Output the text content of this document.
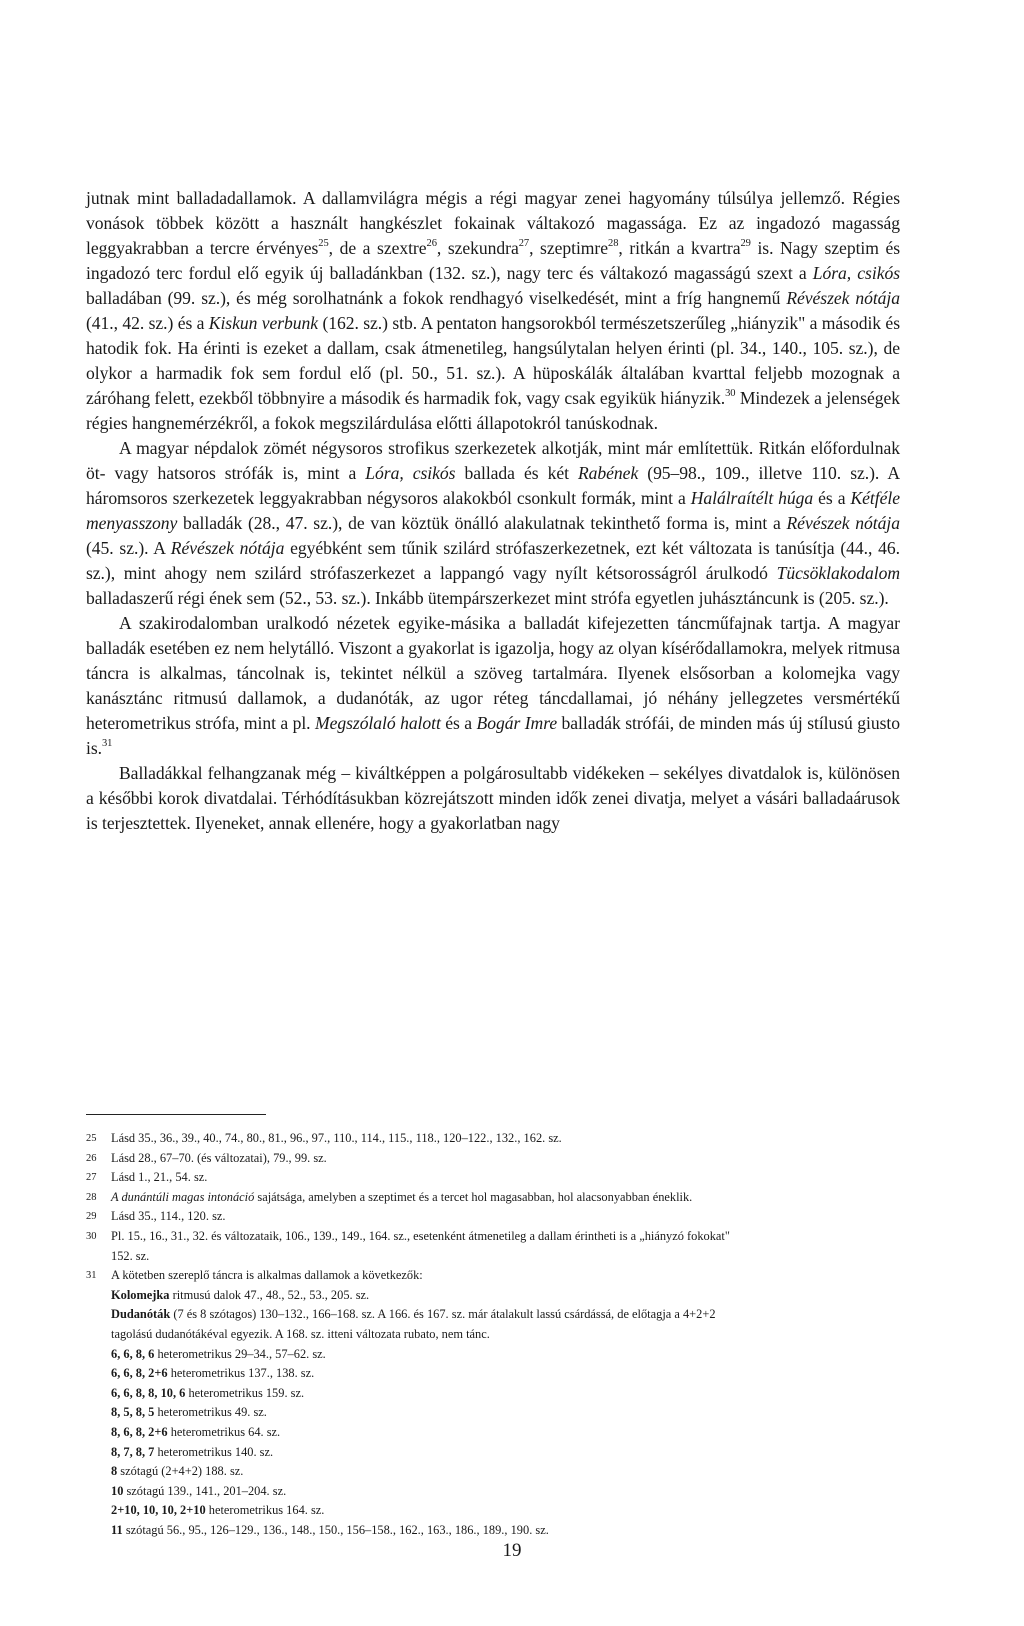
jutnak mint balladadallamok. A dallamvilágra mégis a régi magyar zenei hagyomány túlsúlya jellemző. Régies vonások többek között a használt hangkészlet fokainak váltakozó magassága. Ez az ingadozó magasság leggyakrabban a tercre érvényes$^{25}$, de a szextre$^{26}$, szekundra$^{27}$, szeptimre$^{28}$, ritkán a kvartra$^{29}$ is. Nagy szeptim és ingadozó terc fordul elő egyik új balladánkban (132. sz.), nagy terc és váltakozó magasságú szext a Lóra, csikós balladában (99. sz.), és még sorolhatnánk a fokok rendhagyó viselkedését, mint a fríg hangnemű Révészek nótája (41., 42. sz.) és a Kiskun verbunk (162. sz.) stb. A pentaton hangsorokból természetszerűleg „hiányzik" a második és hatodik fok. Ha érinti is ezeket a dallam, csak átmenetileg, hangsúlytalan helyen érinti (pl. 34., 140., 105. sz.), de olykor a harmadik fok sem fordul elő (pl. 50., 51. sz.). A hüposkálák általában kvarttal feljebb mozognak a záróhang felett, ezekből többnyire a második és harmadik fok, vagy csak egyikük hiányzik.$^{30}$ Mindezek a jelenségek régies hangnemérzékről, a fokok megszilárdulása előtti állapotokról tanúskodnak.

A magyar népdalok zömét négysoros strofikus szerkezetek alkotják, mint már említettük. Ritkán előfordulnak öt- vagy hatsoros strófák is, mint a Lóra, csikós ballada és két Rabének (95–98., 109., illetve 110. sz.). A háromsoros szerkezetek leggyakrabban négysoros alakokból csonkult formák, mint a Halálraítélt húga és a Kétféle menyasszony balladák (28., 47. sz.), de van köztük önálló alakulatnak tekinthető forma is, mint a Révészek nótája (45. sz.). A Révészek nótája egyébként sem tűnik szilárd strófaszerkezetnek, ezt két változata is tanúsítja (44., 46. sz.), mint ahogy nem szilárd strófaszerkezet a lappangó vagy nyílt kétsorosságról árulkodó Tücsöklakodalom balladaszerű régi ének sem (52., 53. sz.). Inkább ütempárszerkezet mint strófa egyetlen juhásztáncunk is (205. sz.).

A szakirodalomban uralkodó nézetek egyike-másika a balladát kifejezetten táncműfajnak tartja. A magyar balladák esetében ez nem helytálló. Viszont a gyakorlat is igazolja, hogy az olyan kísérődallamokra, melyek ritmusa táncra is alkalmas, táncolnak is, tekintet nélkül a szöveg tartalmára. Ilyenek elsősorban a kolomejka vagy kanásztánc ritmusú dallamok, a dudanóták, az ugor réteg táncdallamai, jó néhány jellegzetes versmértékű heterometrikus strófa, mint a pl. Megszólaló halott és a Bogár Imre balladák strófái, de minden más új stílusú giusto is.$^{31}$

Balladákkal felhangzanak még – kiváltképpen a polgárosultabb vidékeken – sekélyes divatdalok is, különösen a későbbi korok divatdalai. Térhódításukban közrejátszott minden idők zenei divatja, melyet a vásári balladaárusok is terjesztettek. Ilyeneket, annak ellenére, hogy a gyakorlatban nagy

25 Lásd 35., 36., 39., 40., 74., 80., 81., 96., 97., 110., 114., 115., 118., 120–122., 132., 162. sz.
26 Lásd 28., 67–70. (és változatai), 79., 99. sz.
27 Lásd 1., 21., 54. sz.
28 A dunántúli magas intonáció sajátsága, amelyben a szeptimet és a tercet hol magasabban, hol alacsonyabban éneklik.
29 Lásd 35., 114., 120. sz.
30 Pl. 15., 16., 31., 32. és változataik, 106., 139., 149., 164. sz., esetenként átmenetileg a dallam érintheti is a „hiányzó fokokat"
152. sz.
31 A kötetben szereplő táncra is alkalmas dallamok a következők:
Kolomejka ritmusú dalok 47., 48., 52., 53., 205. sz.
Dudanóták (7 és 8 szótagos) 130–132., 166–168. sz. A 166. és 167. sz. már átalakult lassú csárdássá, de előtagja a 4+2+2
tagolású dudanótákéval egyezik. A 168. sz. itteni változata rubato, nem tánc.
6, 6, 8, 6 heterometrikus 29–34., 57–62. sz.
6, 6, 8, 2+6 heterometrikus 137., 138. sz.
6, 6, 8, 8, 10, 6 heterometrikus 159. sz.
8, 5, 8, 5 heterometrikus 49. sz.
8, 6, 8, 2+6 heterometrikus 64. sz.
8, 7, 8, 7 heterometrikus 140. sz.
8 szótagú (2+4+2) 188. sz.
10 szótagú 139., 141., 201–204. sz.
2+10, 10, 10, 2+10 heterometrikus 164. sz.
11 szótagú 56., 95., 126–129., 136., 148., 150., 156–158., 162., 163., 186., 189., 190. sz.
19
